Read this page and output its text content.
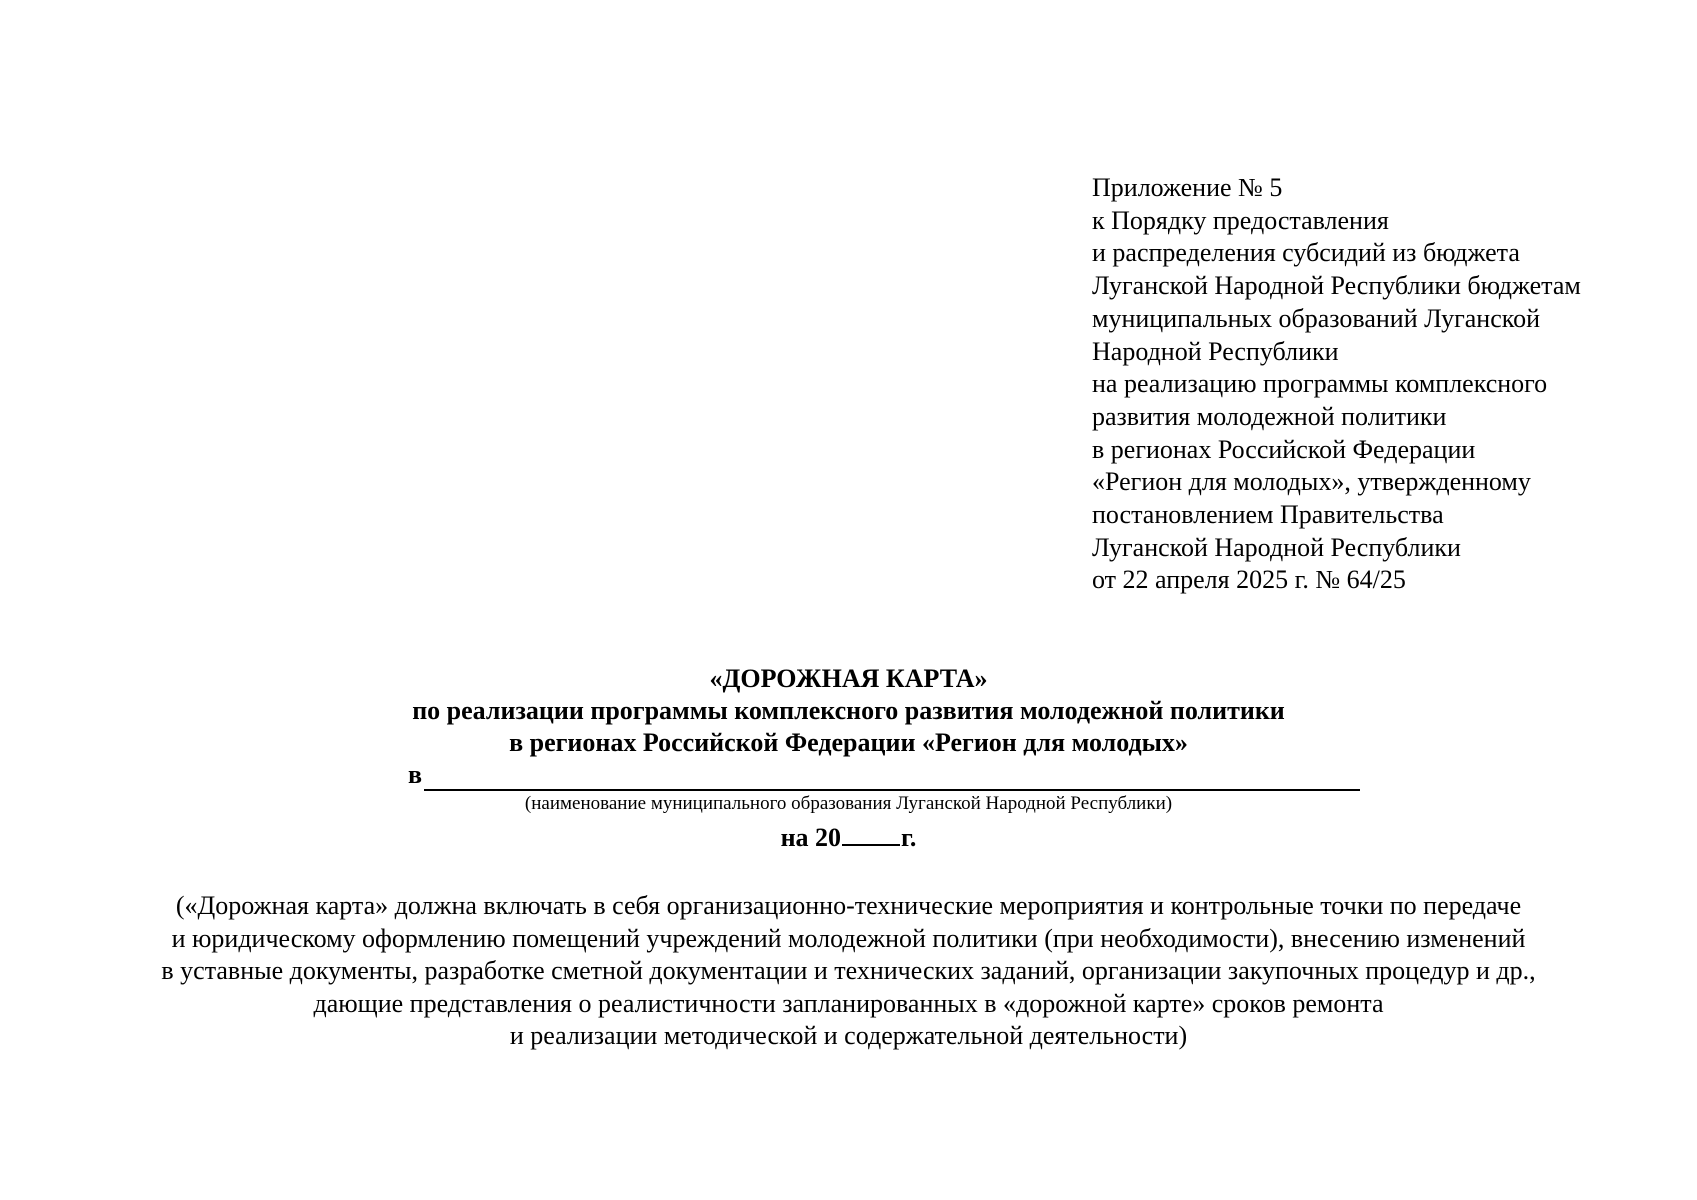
Приложение № 5
к Порядку предоставления
и распределения субсидий из бюджета
Луганской Народной Республики бюджетам
муниципальных образований Луганской
Народной Республики
на реализацию программы комплексного
развития молодежной политики
в регионах Российской Федерации
«Регион для молодых», утвержденному
постановлением Правительства
Луганской Народной Республики
от 22 апреля 2025 г. № 64/25
«ДОРОЖНАЯ КАРТА»
по реализации программы комплексного развития молодежной политики
в регионах Российской Федерации «Регион для молодых»
в
(наименование муниципального образования Луганской Народной Республики)
на 20 г.
(«Дорожная карта» должна включать в себя организационно-технические мероприятия и контрольные точки по передаче
и юридическому оформлению помещений учреждений молодежной политики (при необходимости), внесению изменений
в уставные документы, разработке сметной документации и технических заданий, организации закупочных процедур и др.,
дающие представления о реалистичности запланированных в «дорожной карте» сроков ремонта
и реализации методической и содержательной деятельности)
